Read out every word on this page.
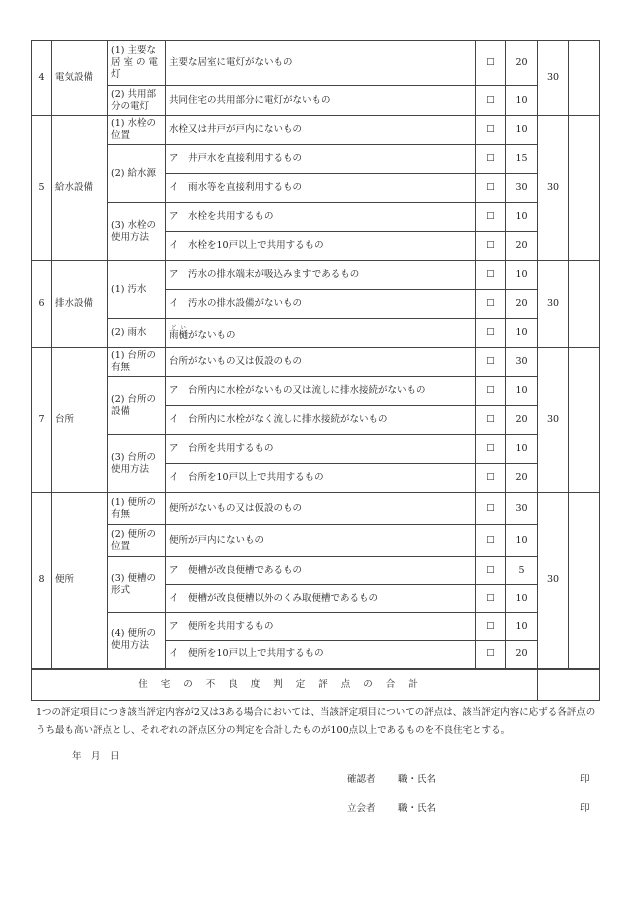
4	電気設備	(1) 主要な居 室 の 電灯	主要な居室に電灯がないもの	☐	20	30	
		(2) 共用部分の電灯	共同住宅の共用部分に電灯がないもの	☐	10		
5	給水設備	(1) 水栓の位置	水栓又は井戸が戸内にないもの	☐	10	30	
		(2) 給水源	ア　井戸水を直接利用するもの	☐	15		
			イ　雨水等を直接利用するもの	☐	30		
		(3) 水栓の使用方法	ア　水栓を共用するもの	☐	10		
			イ　水栓を10戸以上で共用するもの	☐	20		
6	排水設備	(1) 汚水	ア　汚水の排水端末が吸込みますであるもの	☐	10	30	
			イ　汚水の排水設備がないもの	☐	20		
		(2) 雨水	雨樋どいがないもの	☐	10		
7	台所	(1) 台所の有無	台所がないもの又は仮設のもの	☐	30	30	
		(2) 台所の設備	ア　台所内に水栓がないもの又は流しに排水接続がないもの	☐	10		
			イ　台所内に水栓がなく流しに排水接続がないもの	☐	20		
		(3) 台所の使用方法	ア　台所を共用するもの	☐	10		
			イ　台所を10戸以上で共用するもの	☐	20		
8	便所	(1) 便所の有無	便所がないもの又は仮設のもの	☐	30	30	
		(2) 便所の位置	便所が戸内にないもの	☐	10		
		(3) 便槽の形式	ア　便槽が改良便槽であるもの	☐	5		
			イ　便槽が改良便槽以外のくみ取便槽であるもの	☐	10		
		(4) 便所の使用方法	ア　便所を共用するもの	☐	10		
			イ　便所を10戸以上で共用するもの	☐	20		
住宅の不良度判定評点の合計							
1つの評定項目につき該当評定内容が2又は3ある場合においては、当該評定項目についての評点は、該当評定内容に応ずる各評点のうち最も高い評点とし、それぞれの評点区分の判定を合計したものが100点以上であるものを不良住宅とする。
年　月　日
確認者 職・氏名	印
立会者 職・氏名	印
